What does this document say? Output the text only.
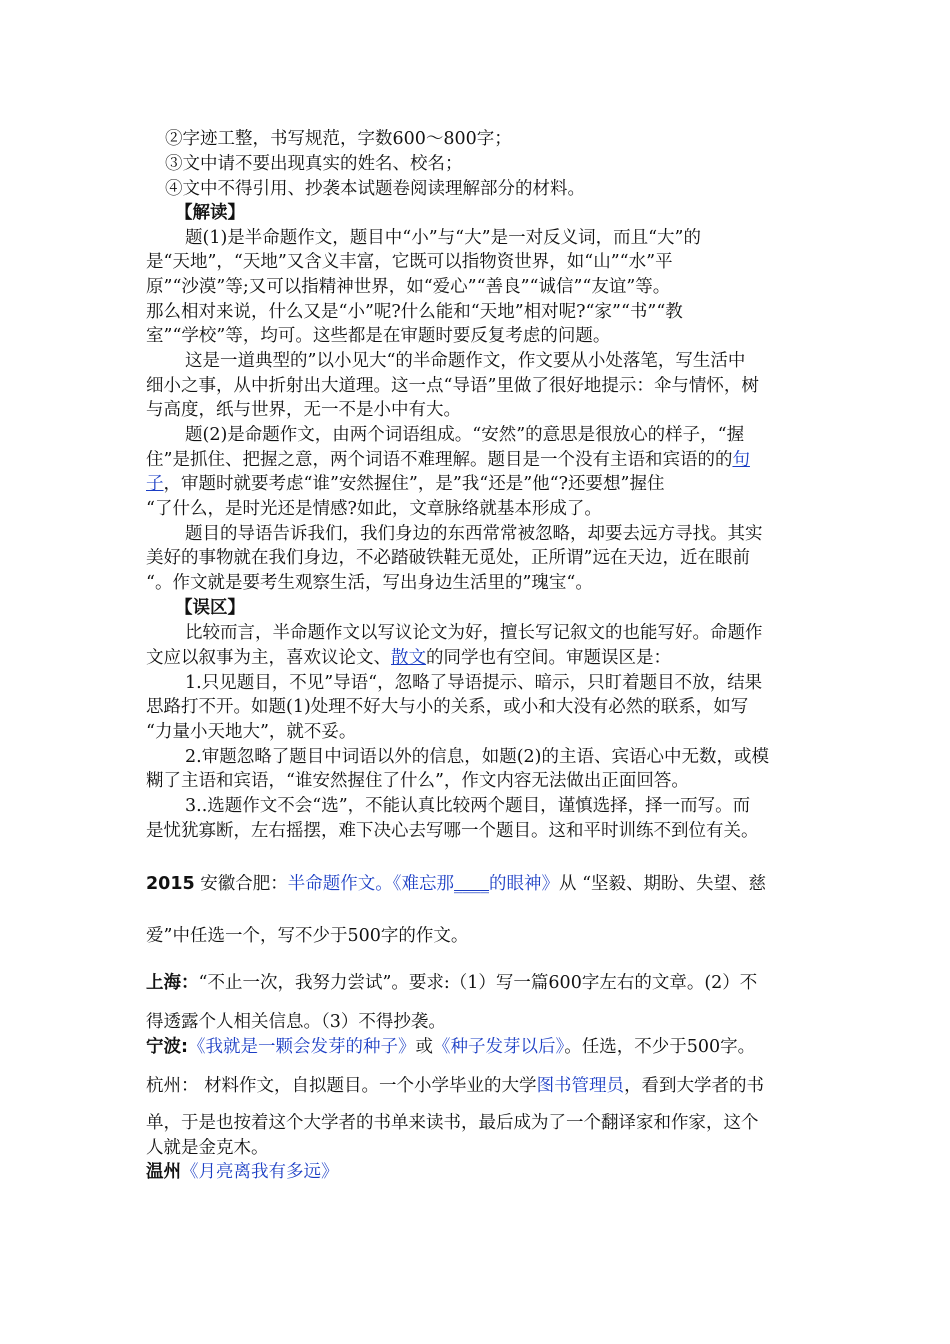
②字迹工整，书写规范，字数600～800字；
③文中请不要出现真实的姓名、校名；
④文中不得引用、抄袭本试题卷阅读理解部分的材料。
【解读】
题(1)是半命题作文，题目中“小”与“大”是一对反义词，而且“大”的
是“天地”，“天地”又含义丰富，它既可以指物资世界，如“山”“水”平
原”“沙漠”等;又可以指精神世界，如“爱心”“善良”“诚信”“友谊”等。
那么相对来说，什么又是“小”呢?什么能和“天地”相对呢?“家”“书”“教
室”“学校”等，均可。这些都是在审题时要反复考虑的问题。
这是一道典型的”以小见大“的半命题作文，作文要从小处落笔，写生活中
细小之事，从中折射出大道理。这一点“导语”里做了很好地提示：伞与情怀，树
与高度，纸与世界，无一不是小中有大。
题(2)是命题作文，由两个词语组成。“安然”的意思是很放心的样子，“握
住”是抓住、把握之意，两个词语不难理解。题目是一个没有主语和宾语的的句
子，审题时就要考虑“谁”安然握住”，是”我“还是”他“?还要想”握住
“了什么，是时光还是情感?如此，文章脉络就基本形成了。
题目的导语告诉我们，我们身边的东西常常被忽略，却要去远方寻找。其实
美好的事物就在我们身边，不必踏破铁鞋无觅处，正所谓”远在天边，近在眼前
“。作文就是要考生观察生活，写出身边生活里的”瑰宝“。
【误区】
比较而言，半命题作文以写议论文为好，擅长写记叙文的也能写好。命题作
文应以叙事为主，喜欢议论文、散文的同学也有空间。审题误区是：
1.只见题目，不见”导语“，忽略了导语提示、暗示，只盯着题目不放，结果
思路打不开。如题(1)处理不好大与小的关系，或小和大没有必然的联系，如写
“力量小天地大”，就不妥。
2.审题忽略了题目中词语以外的信息，如题(2)的主语、宾语心中无数，或模
糊了主语和宾语，“谁安然握住了什么”，作文内容无法做出正面回答。
3..选题作文不会“选”，不能认真比较两个题目，谨慎选择，择一而写。而
是忧犹寡断，左右摇摆，难下决心去写哪一个题目。这和平时训练不到位有关。
2015 安徽合肥：半命题作文。《难忘那____的眼神》从 “坚毅、期盼、失望、慈
爱”中任选一个，写不少于500字的作文。
上海：“不止一次，我努力尝试”。要求:（1）写一篇600字左右的文章。(2）不
得透露个人相关信息。（3）不得抄袭。
宁波:《我就是一颗会发芽的种子》或《种子发芽以后》。任选，不少于500字。
杭州： 材料作文，自拟题目。一个小学毕业的大学图书管理员，看到大学者的书
单，于是也按着这个大学者的书单来读书，最后成为了一个翻译家和作家，这个
人就是金克木。
温州《月亮离我有多远》
